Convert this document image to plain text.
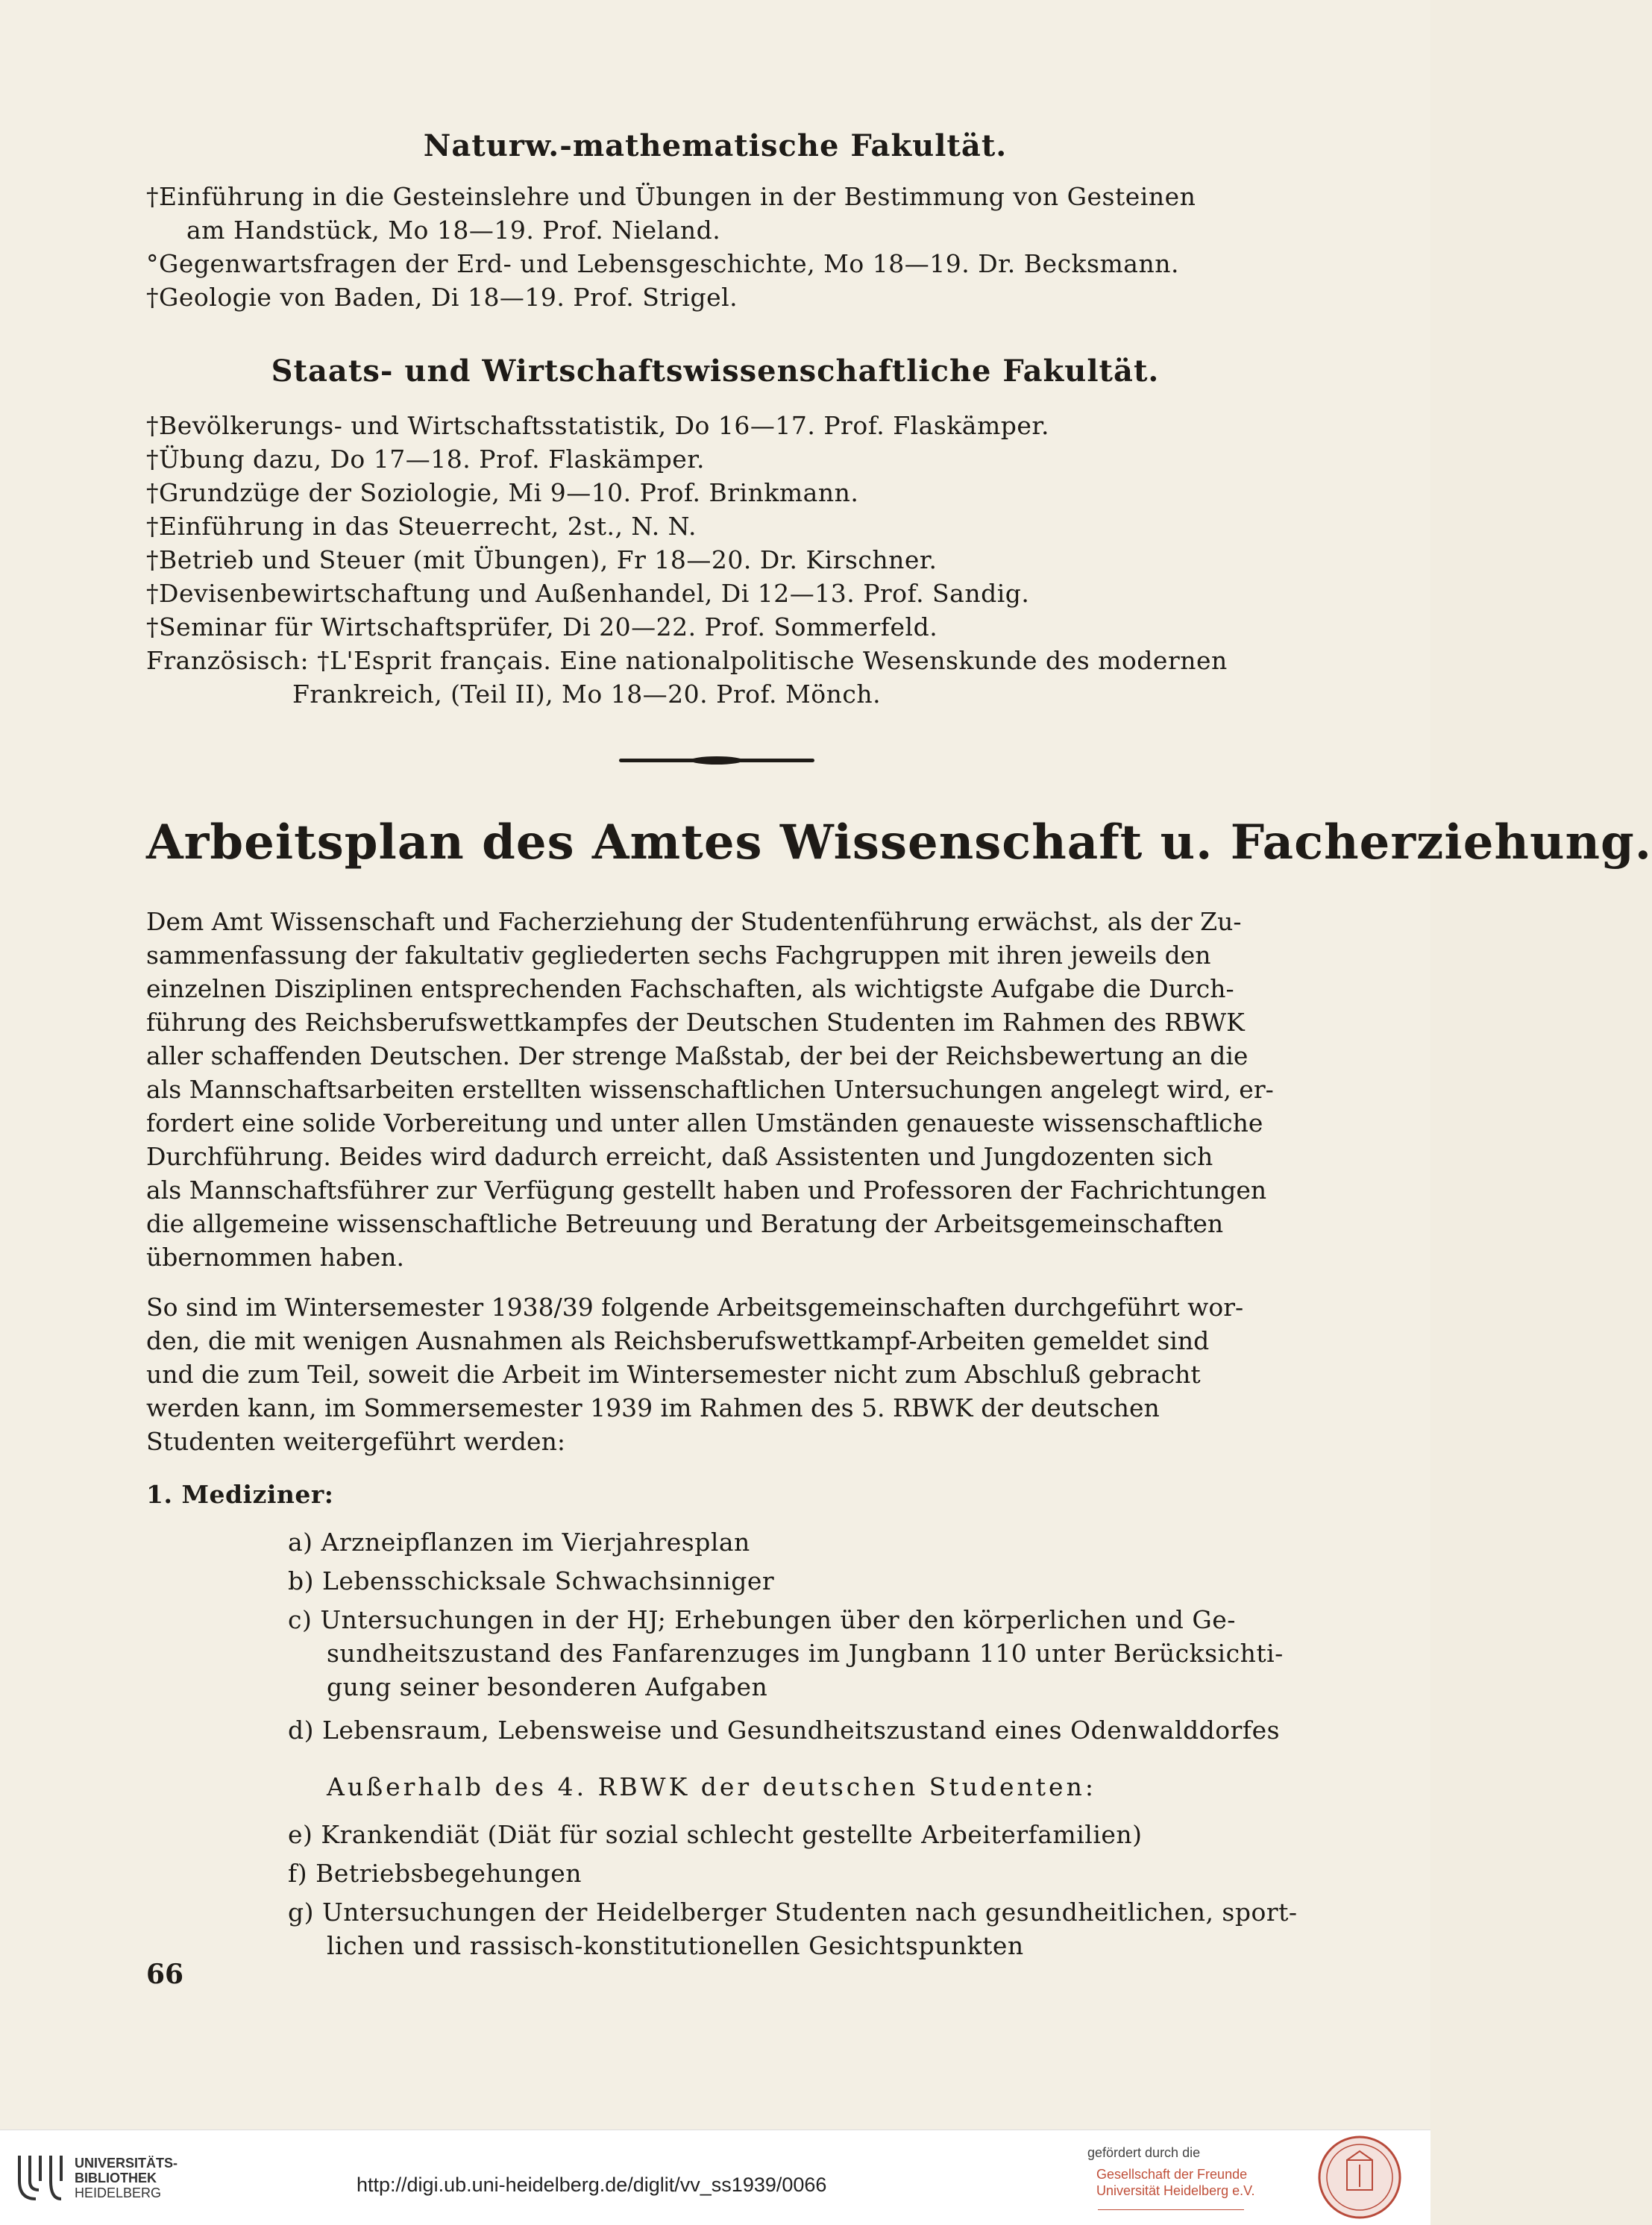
Naturw.-mathematische Fakultät.
†Einführung in die Gesteinslehre und Übungen in der Bestimmung von Gesteinen
am Handstück, Mo 18—19. Prof. Nieland.
°Gegenwartsfragen der Erd- und Lebensgeschichte, Mo 18—19. Dr. Becksmann.
†Geologie von Baden, Di 18—19. Prof. Strigel.
Staats- und Wirtschaftswissenschaftliche Fakultät.
†Bevölkerungs- und Wirtschaftsstatistik, Do 16—17. Prof. Flaskämper.
†Übung dazu, Do 17—18. Prof. Flaskämper.
†Grundzüge der Soziologie, Mi 9—10. Prof. Brinkmann.
†Einführung in das Steuerrecht, 2st., N. N.
†Betrieb und Steuer (mit Übungen), Fr 18—20. Dr. Kirschner.
†Devisenbewirtschaftung und Außenhandel, Di 12—13. Prof. Sandig.
†Seminar für Wirtschaftsprüfer, Di 20—22. Prof. Sommerfeld.
Französisch: †L'Esprit français. Eine nationalpolitische Wesenskunde des modernen
Frankreich, (Teil II), Mo 18—20. Prof. Mönch.
Arbeitsplan des Amtes Wissenschaft u. Facherziehung.

Dem Amt Wissenschaft und Facherziehung der Studentenführung erwächst, als der Zu-

sammenfassung der fakultativ gegliederten sechs Fachgruppen mit ihren jeweils den

einzelnen Disziplinen entsprechenden Fachschaften, als wichtigste Aufgabe die Durch-

führung des Reichsberufswettkampfes der Deutschen Studenten im Rahmen des RBWK

aller schaffenden Deutschen. Der strenge Maßstab, der bei der Reichsbewertung an die

als Mannschaftsarbeiten erstellten wissenschaftlichen Untersuchungen angelegt wird, er-

fordert eine solide Vorbereitung und unter allen Umständen genaueste wissenschaftliche

Durchführung. Beides wird dadurch erreicht, daß Assistenten und Jungdozenten sich

als Mannschaftsführer zur Verfügung gestellt haben und Professoren der Fachrichtungen

die allgemeine wissenschaftliche Betreuung und Beratung der Arbeitsgemeinschaften

übernommen haben.

So sind im Wintersemester 1938/39 folgende Arbeitsgemeinschaften durchgeführt wor-

den, die mit wenigen Ausnahmen als Reichsberufswettkampf-Arbeiten gemeldet sind

und die zum Teil, soweit die Arbeit im Wintersemester nicht zum Abschluß gebracht

werden kann, im Sommersemester 1939 im Rahmen des 5. RBWK der deutschen

Studenten weitergeführt werden:

1. Mediziner:
a) Arzneipflanzen im Vierjahresplan
b) Lebensschicksale Schwachsinniger
c) Untersuchungen in der HJ; Erhebungen über den körperlichen und Ge-
sundheitszustand des Fanfarenzuges im Jungbann 110 unter Berücksichti-
gung seiner besonderen Aufgaben
d) Lebensraum, Lebensweise und Gesundheitszustand eines Odenwalddorfes
Außerhalb des 4. RBWK der deutschen Studenten:
e) Krankendiät (Diät für sozial schlecht gestellte Arbeiterfamilien)
f) Betriebsbegehungen
g) Untersuchungen der Heidelberger Studenten nach gesundheitlichen, sport-
lichen und rassisch-konstitutionellen Gesichtspunkten
66
UNIVERSITÄTS-
BIBLIOTHEK
HEIDELBERG	http://digi.ub.uni-heidelberg.de/diglit/vv_ss1939/0066
gefördert durch die
Gesellschaft der Freunde
Universität Heidelberg e.V.
